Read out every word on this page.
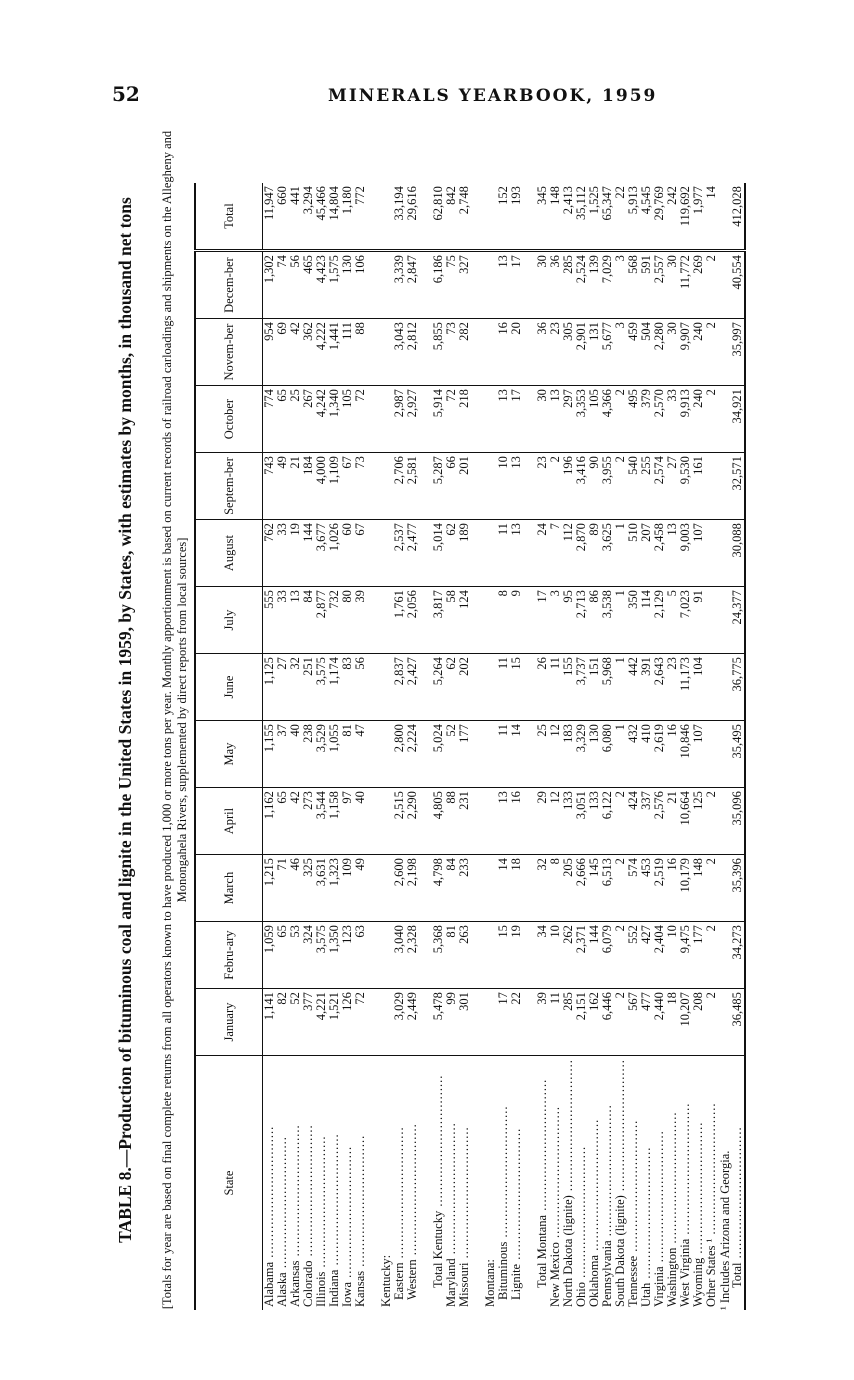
52	MINERALS YEARBOOK, 1959
TABLE 8.—Production of bituminous coal and lignite in the United States in 1959, by States, with estimates by months, in thousand net tons [Totals for year are based on final complete returns from all operators known to have produced 1,000 or more tons per year. Monthly apportionment is based on current records of railroad carloadings and shipments on the Allegheny and Monongahela Rivers, supplemented by direct reports from local sources]
State	January	Febru-ary	March	April	May	June	July	August	Septem-ber	October	Novem-ber	Decem-ber	Total
Alabama .....	1,141	1,059	1,215	1,162	1,155	1,125	555	762	743	774	954	1,302	11,947
Alaska .....	82	65	71	65	37	27	33	33	49	65	69	74	660
Arkansas .....	52	53	46	42	40	32	13	19	21	25	42	56	441
Colorado .....	377	324	325	273	238	251	84	144	184	267	362	465	3,294
Illinois .....	4,221	3,575	3,631	3,544	3,529	3,575	2,877	3,677	4,000	4,242	4,222	4,423	45,466
Indiana .....	1,521	1,350	1,323	1,158	1,055	1,174	732	1,026	1,109	1,340	1,441	1,575	14,804
Iowa .....	126	123	109	97	81	83	80	60	67	105	111	130	1,180
Kansas .....	72	63	49	40	47	56	39	67	73	72	88	106	772

Kentucky:													
Eastern .....	3,029	3,040	2,600	2,515	2,800	2,837	1,761	2,537	2,706	2,987	3,043	3,339	33,194
Western .....	2,449	2,328	2,198	2,290	2,224	2,427	2,056	2,477	2,581	2,927	2,812	2,847	29,616

Total Kentucky .....	5,478	5,368	4,798	4,805	5,024	5,264	3,817	5,014	5,287	5,914	5,855	6,186	62,810
Maryland .....	99	81	84	88	52	62	58	62	66	72	73	75	842
Missouri .....	301	263	233	231	177	202	124	189	201	218	282	327	2,748

Montana:													
Bituminous .....	17	15	14	13	11	11	8	11	10	13	16	13	152
Lignite .....	22	19	18	16	14	15	9	13	13	17	20	17	193

Total Montana .....	39	34	32	29	25	26	17	24	23	30	36	30	345
New Mexico .....	11	10	8	12	12	11	3	7	2	13	23	36	148
North Dakota (lignite) .....	285	262	205	133	183	155	95	112	196	297	305	285	2,413
Ohio .....	2,151	2,371	2,666	3,051	3,329	3,737	2,713	2,870	3,416	3,353	2,901	2,524	35,112
Oklahoma .....	162	144	145	133	130	151	86	89	90	105	131	139	1,525
Pennsylvania .....	6,446	6,079	6,513	6,122	6,080	5,968	3,538	3,625	3,955	4,366	5,677	7,029	65,347
South Dakota (lignite) .....	2	2	2	2	1	1	1	1	2	2	3	3	22
Tennessee .....	567	552	574	424	432	442	350	510	540	495	459	568	5,913
Utah .....	477	427	453	337	410	391	114	207	255	379	504	591	4,545
Virginia .....	2,440	2,404	2,519	2,576	2,619	2,643	2,129	2,458	2,574	2,570	2,280	2,557	29,769
Washington .....	18	10	16	21	16	23	5	13	27	33	30	30	242
West Virginia .....	10,207	9,475	10,179	10,664	10,846	11,173	7,023	9,003	9,530	9,913	9,907	11,772	119,692
Wyoming .....	208	177	148	125	107	104	91	107	161	240	240	269	1,977
Other States ¹ .....	2	2	2	2						2	2	2	14

Total .....	36,485	34,273	35,396	35,096	35,495	36,775	24,377	30,088	32,571	34,921	35,997	40,554	412,028
¹ Includes Arizona and Georgia.
